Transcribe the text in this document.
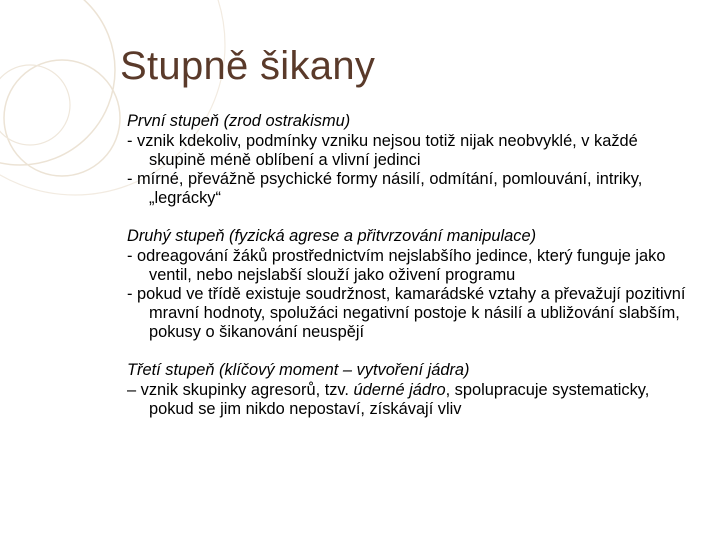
Stupně šikany
První stupeň (zrod ostrakismu)
- vznik kdekoliv, podmínky vzniku nejsou totiž nijak neobvyklé, v každé skupině méně oblíbení a vlivní jedinci
- mírné, převážně psychické formy násilí, odmítání, pomlouvání, intriky, „legrácky“
Druhý stupeň (fyzická agrese a přitvrzování manipulace)
- odreagování žáků prostřednictvím nejslabšího jedince, který funguje jako ventil, nebo nejslabší slouží jako oživení programu
- pokud ve třídě existuje soudržnost, kamarádské vztahy a převažují pozitivní mravní hodnoty, spolužáci negativní postoje k násilí a ubližování slabším, pokusy o šikanování neuspějí
Třetí stupeň (klíčový moment – vytvoření jádra)
– vznik skupinky agresorů, tzv. úderné jádro, spolupracuje systematicky, pokud se jim nikdo nepostaví, získávají vliv
